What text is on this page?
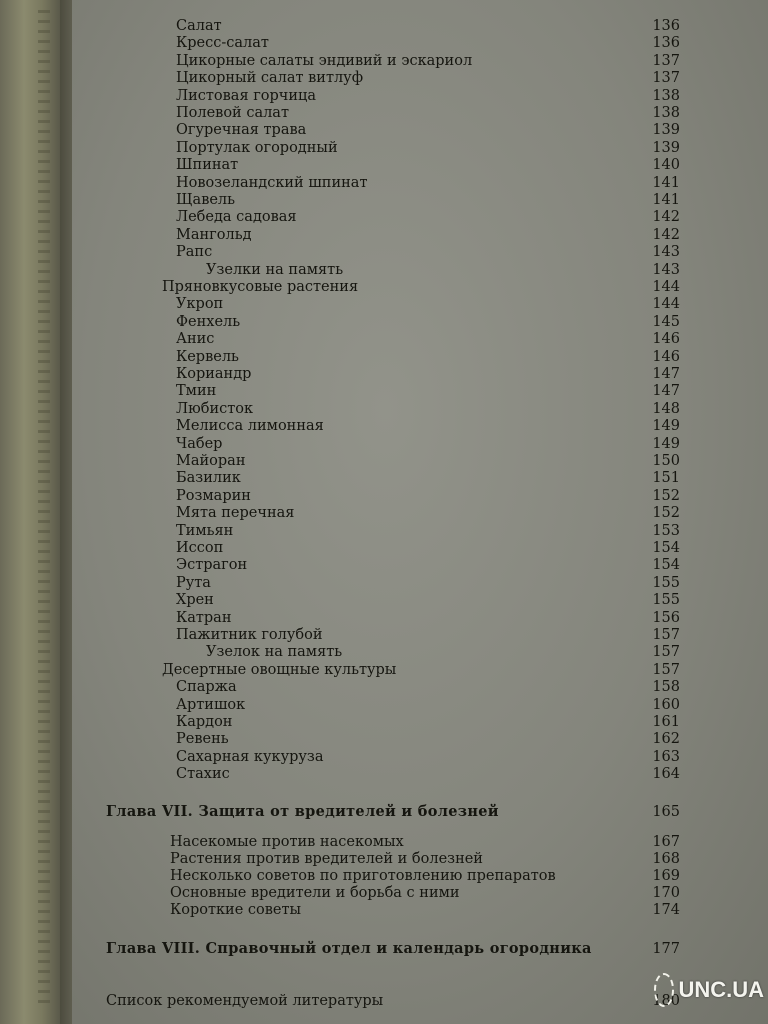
Салат	136
Кресс-салат	136
Цикорные салаты эндивий и эскариол	137
Цикорный салат витлуф	137
Листовая горчица	138
Полевой салат	138
Огуречная трава	139
Портулак огородный	139
Шпинат	140
Новозеландский шпинат	141
Щавель	141
Лебеда садовая	142
Мангольд	142
Рапс	143
Узелки на память	143
Пряновкусовые растения	144
Укроп	144
Фенхель	145
Анис	146
Кервель	146
Кориандр	147
Тмин	147
Любисток	148
Мелисса лимонная	149
Чабер	149
Майоран	150
Базилик	151
Розмарин	152
Мята перечная	152
Тимьян	153
Иссоп	154
Эстрагон	154
Рута	155
Хрен	155
Катран	156
Пажитник голубой	157
Узелок на память	157
Десертные овощные культуры	157
Спаржа	158
Артишок	160
Кардон	161
Ревень	162
Сахарная кукуруза	163
Стахис	164
Глава VII. Защита от вредителей и болезней	165
Насекомые против насекомых	167
Растения против вредителей и болезней	168
Несколько советов по приготовлению препаратов	169
Основные вредители и борьба с ними	170
Короткие советы	174
Глава VIII. Справочный отдел и календарь огородника	177
Список рекомендуемой литературы	180
UNC.UA
